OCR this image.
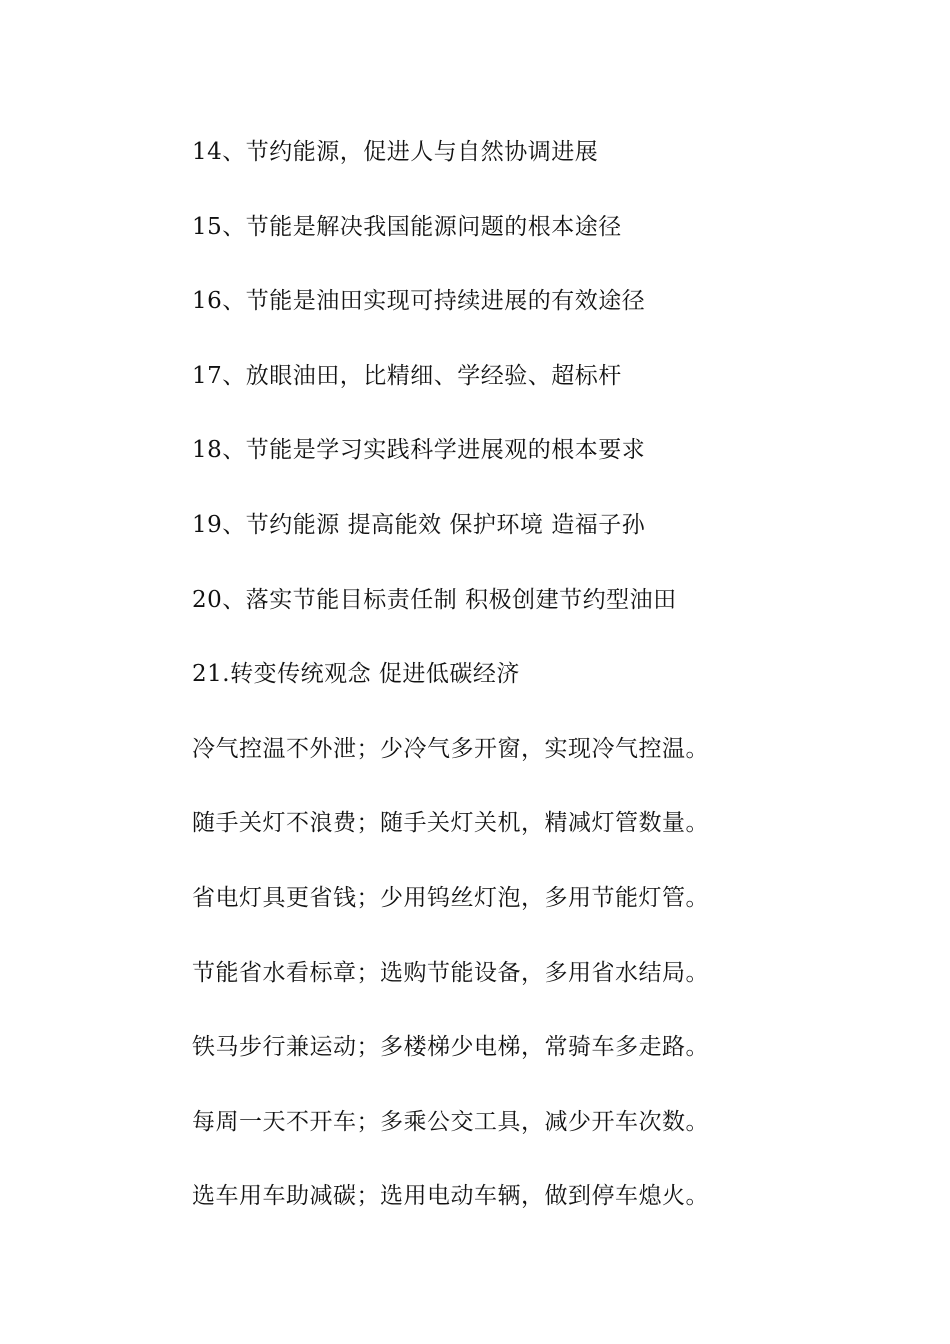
14、节约能源，促进人与自然协调进展
15、节能是解决我国能源问题的根本途径
16、节能是油田实现可持续进展的有效途径
17、放眼油田，比精细、学经验、超标杆
18、节能是学习实践科学进展观的根本要求
19、节约能源 提高能效 保护环境 造福子孙
20、落实节能目标责任制 积极创建节约型油田
21.转变传统观念 促进低碳经济
冷气控温不外泄；少冷气多开窗，实现冷气控温。
随手关灯不浪费；随手关灯关机，精减灯管数量。
省电灯具更省钱；少用钨丝灯泡，多用节能灯管。
节能省水看标章；选购节能设备，多用省水结局。
铁马步行兼运动；多楼梯少电梯，常骑车多走路。
每周一天不开车；多乘公交工具，减少开车次数。
选车用车助减碳；选用电动车辆，做到停车熄火。
